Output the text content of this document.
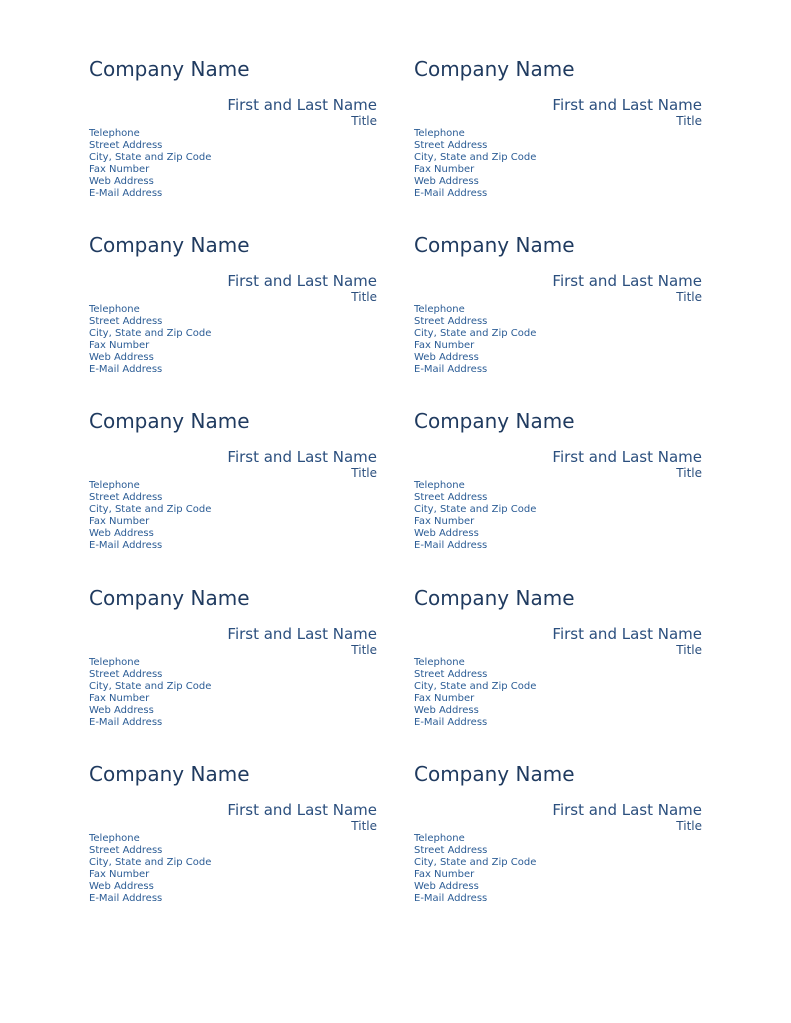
Company Name
First and Last Name
Title
Telephone
Street Address
City, State and Zip Code
Fax Number
Web Address
E-Mail Address
Company Name
First and Last Name
Title
Telephone
Street Address
City, State and Zip Code
Fax Number
Web Address
E-Mail Address
Company Name
First and Last Name
Title
Telephone
Street Address
City, State and Zip Code
Fax Number
Web Address
E-Mail Address
Company Name
First and Last Name
Title
Telephone
Street Address
City, State and Zip Code
Fax Number
Web Address
E-Mail Address
Company Name
First and Last Name
Title
Telephone
Street Address
City, State and Zip Code
Fax Number
Web Address
E-Mail Address
Company Name
First and Last Name
Title
Telephone
Street Address
City, State and Zip Code
Fax Number
Web Address
E-Mail Address
Company Name
First and Last Name
Title
Telephone
Street Address
City, State and Zip Code
Fax Number
Web Address
E-Mail Address
Company Name
First and Last Name
Title
Telephone
Street Address
City, State and Zip Code
Fax Number
Web Address
E-Mail Address
Company Name
First and Last Name
Title
Telephone
Street Address
City, State and Zip Code
Fax Number
Web Address
E-Mail Address
Company Name
First and Last Name
Title
Telephone
Street Address
City, State and Zip Code
Fax Number
Web Address
E-Mail Address
